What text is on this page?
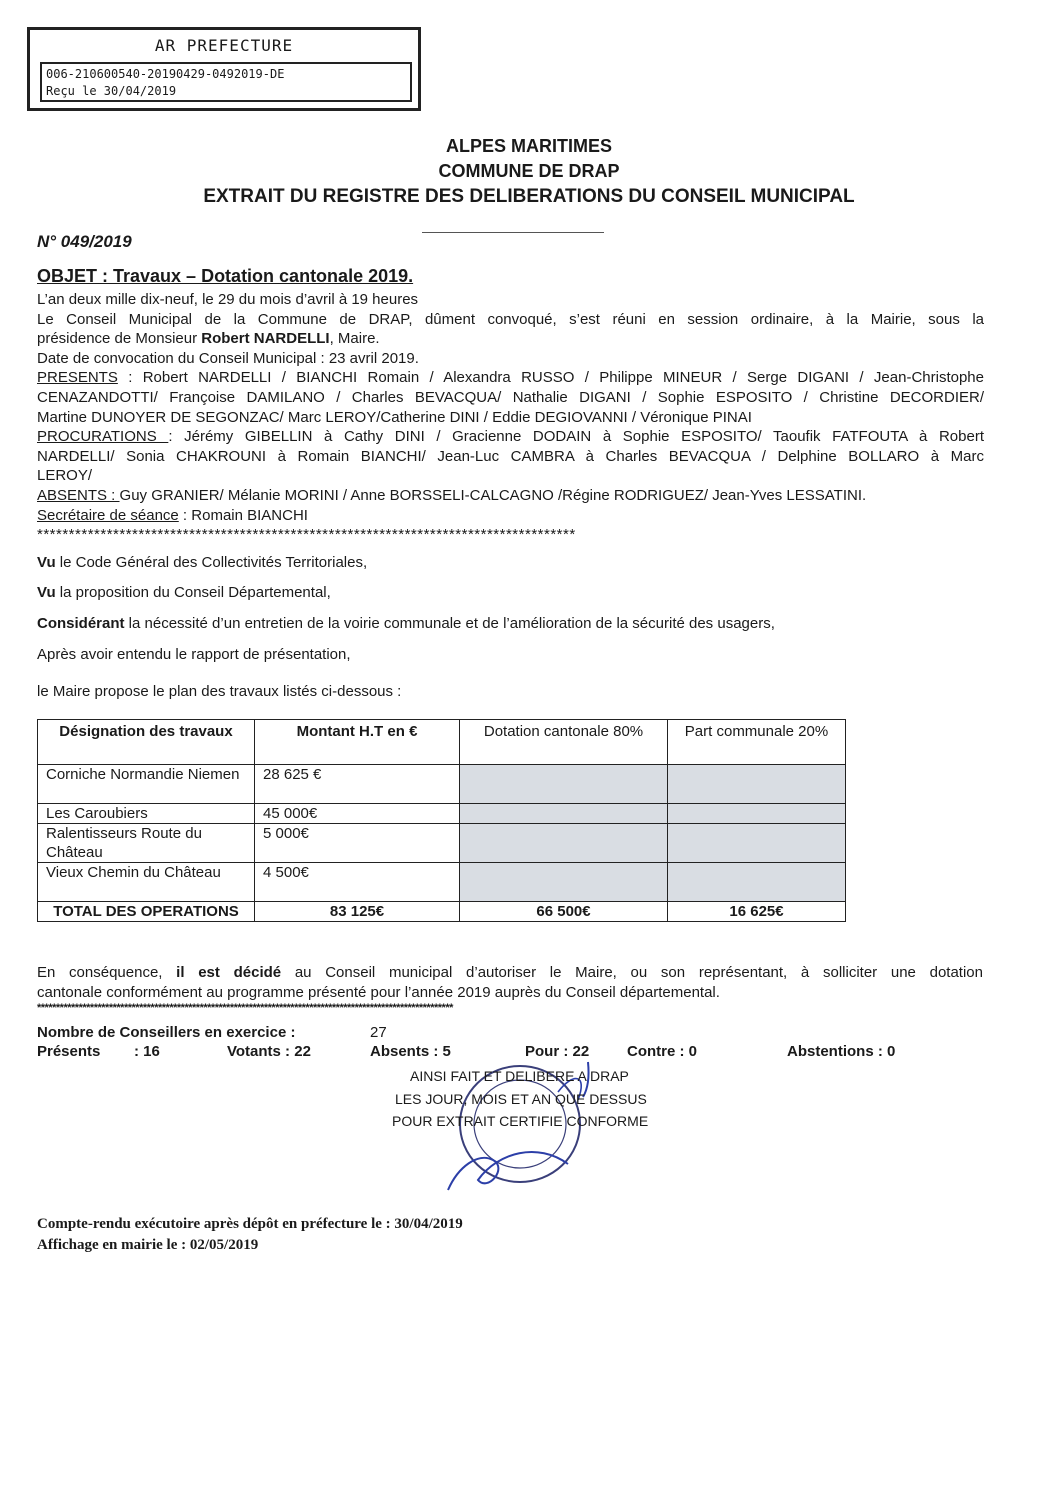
AR PREFECTURE
006-210600540-20190429-0492019-DE
Reçu le 30/04/2019
ALPES MARITIMES
COMMUNE DE DRAP
EXTRAIT DU REGISTRE DES DELIBERATIONS DU CONSEIL MUNICIPAL
N° 049/2019
OBJET : Travaux – Dotation cantonale 2019.
L’an deux mille dix-neuf, le 29 du mois d’avril à 19 heures
Le Conseil Municipal de la Commune de DRAP, dûment convoqué, s’est réuni en session ordinaire, à la Mairie, sous la
présidence de Monsieur Robert NARDELLI, Maire.
Date de convocation du Conseil Municipal : 23 avril 2019.
PRESENTS : Robert NARDELLI / BIANCHI Romain / Alexandra RUSSO / Philippe MINEUR / Serge DIGANI / Jean-Christophe
CENAZANDOTTI/ Françoise DAMILANO / Charles BEVACQUA/ Nathalie DIGANI / Sophie ESPOSITO / Christine DECORDIER/
Martine DUNOYER DE SEGONZAC/ Marc LEROY/Catherine DINI / Eddie DEGIOVANNI / Véronique PINAI
PROCURATIONS : Jérémy GIBELLIN à Cathy DINI / Gracienne DODAIN à Sophie ESPOSITO/ Taoufik FATFOUTA à Robert
NARDELLI/ Sonia CHAKROUNI à Romain BIANCHI/ Jean-Luc CAMBRA à Charles BEVACQUA / Delphine BOLLARO à Marc
LEROY/
ABSENTS : Guy GRANIER/ Mélanie MORINI / Anne BORSSELI-CALCAGNO /Régine RODRIGUEZ/ Jean-Yves LESSATINI.
Secrétaire de séance : Romain BIANCHI
*************************************************************************************
Vu le Code Général des Collectivités Territoriales,
Vu la proposition du Conseil Départemental,
Considérant la nécessité d’un entretien de la voirie communale et de l’amélioration de la sécurité des usagers,
Après avoir entendu le rapport de présentation,
le Maire propose le plan des travaux listés ci-dessous :
Désignation des travaux	Montant H.T en €	Dotation cantonale 80%	Part communale 20%
Corniche Normandie Niemen	28 625 €		
Les Caroubiers	45 000€		
Ralentisseurs Route du Château	5 000€		
Vieux Chemin du Château	4 500€		
TOTAL DES OPERATIONS	83 125€	66 500€	16 625€
En conséquence, il est décidé au Conseil municipal d’autoriser le Maire, ou son représentant, à solliciter une dotation
cantonale conformément au programme présenté pour l’année 2019 auprès du Conseil départemental.
**************************************************************************************************************
Nombre de Conseillers en exercice :	27
Présents : 16	Votants : 22	Absents : 5	Pour : 22	Contre : 0	Abstentions : 0
AINSI FAIT ET DELIBERE A DRAP
LES JOUR, MOIS ET AN QUE DESSUS
POUR EXTRAIT CERTIFIE CONFORME
Compte-rendu exécutoire après dépôt en préfecture le : 30/04/2019
Affichage en mairie le : 02/05/2019
